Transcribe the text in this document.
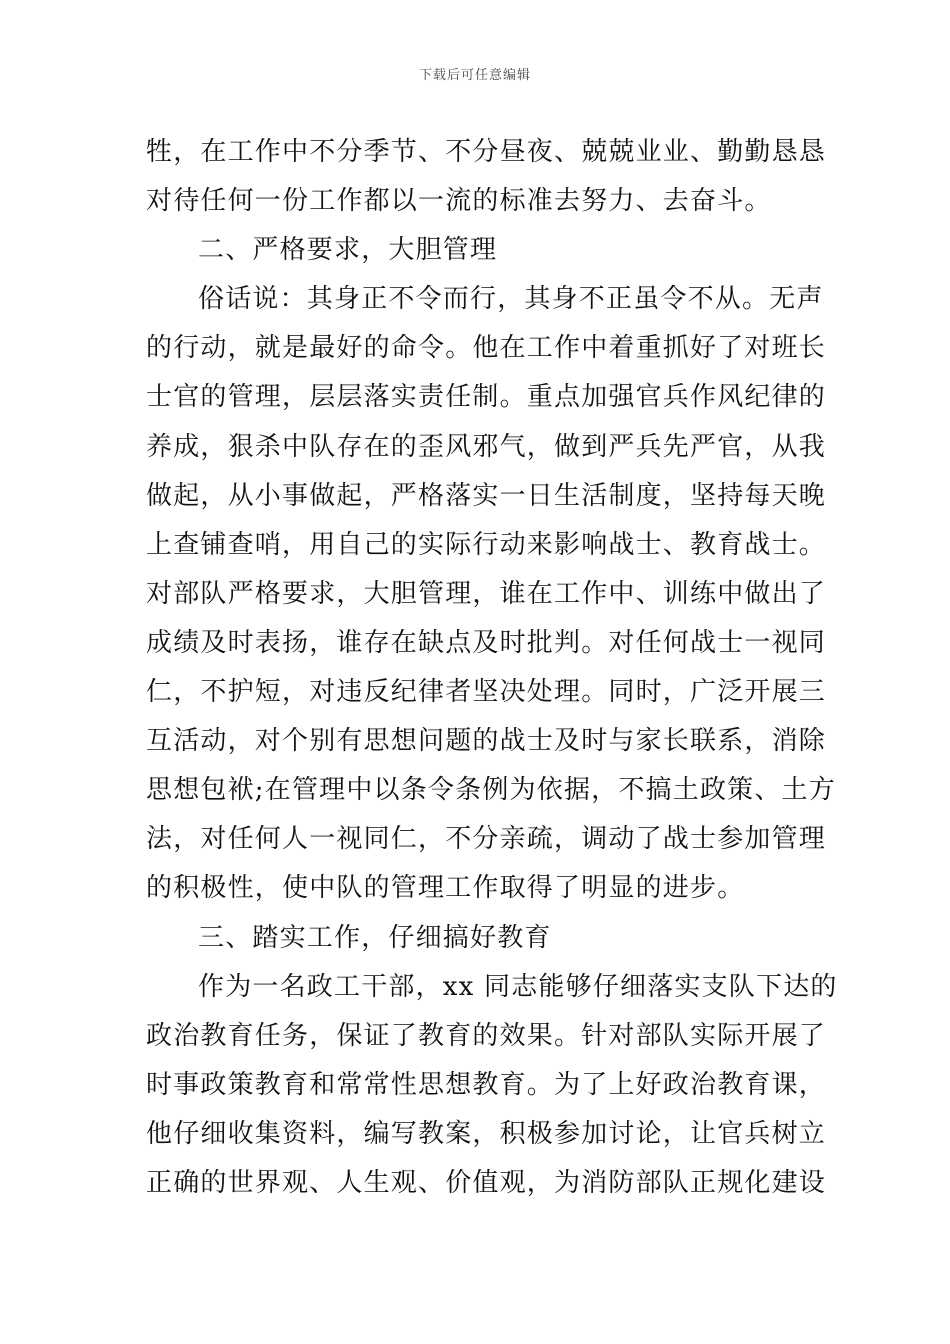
下载后可任意编辑
牲，在工作中不分季节、不分昼夜、兢兢业业、勤勤恳恳
对待任何一份工作都以一流的标准去努力、去奋斗。
二、严格要求，大胆管理
俗话说：其身正不令而行，其身不正虽令不从。无声
的行动，就是最好的命令。他在工作中着重抓好了对班长
士官的管理，层层落实责任制。重点加强官兵作风纪律的
养成，狠杀中队存在的歪风邪气，做到严兵先严官，从我
做起，从小事做起，严格落实一日生活制度，坚持每天晚
上查铺查哨，用自己的实际行动来影响战士、教育战士。
对部队严格要求，大胆管理，谁在工作中、训练中做出了
成绩及时表扬，谁存在缺点及时批判。对任何战士一视同
仁，不护短，对违反纪律者坚决处理。同时，广泛开展三
互活动，对个别有思想问题的战士及时与家长联系，消除
思想包袱;在管理中以条令条例为依据，不搞土政策、土方
法，对任何人一视同仁，不分亲疏，调动了战士参加管理
的积极性，使中队的管理工作取得了明显的进步。
三、踏实工作，仔细搞好教育
作为一名政工干部，xx 同志能够仔细落实支队下达的
政治教育任务，保证了教育的效果。针对部队实际开展了
时事政策教育和常常性思想教育。为了上好政治教育课，
他仔细收集资料，编写教案，积极参加讨论，让官兵树立
正确的世界观、人生观、价值观，为消防部队正规化建设
